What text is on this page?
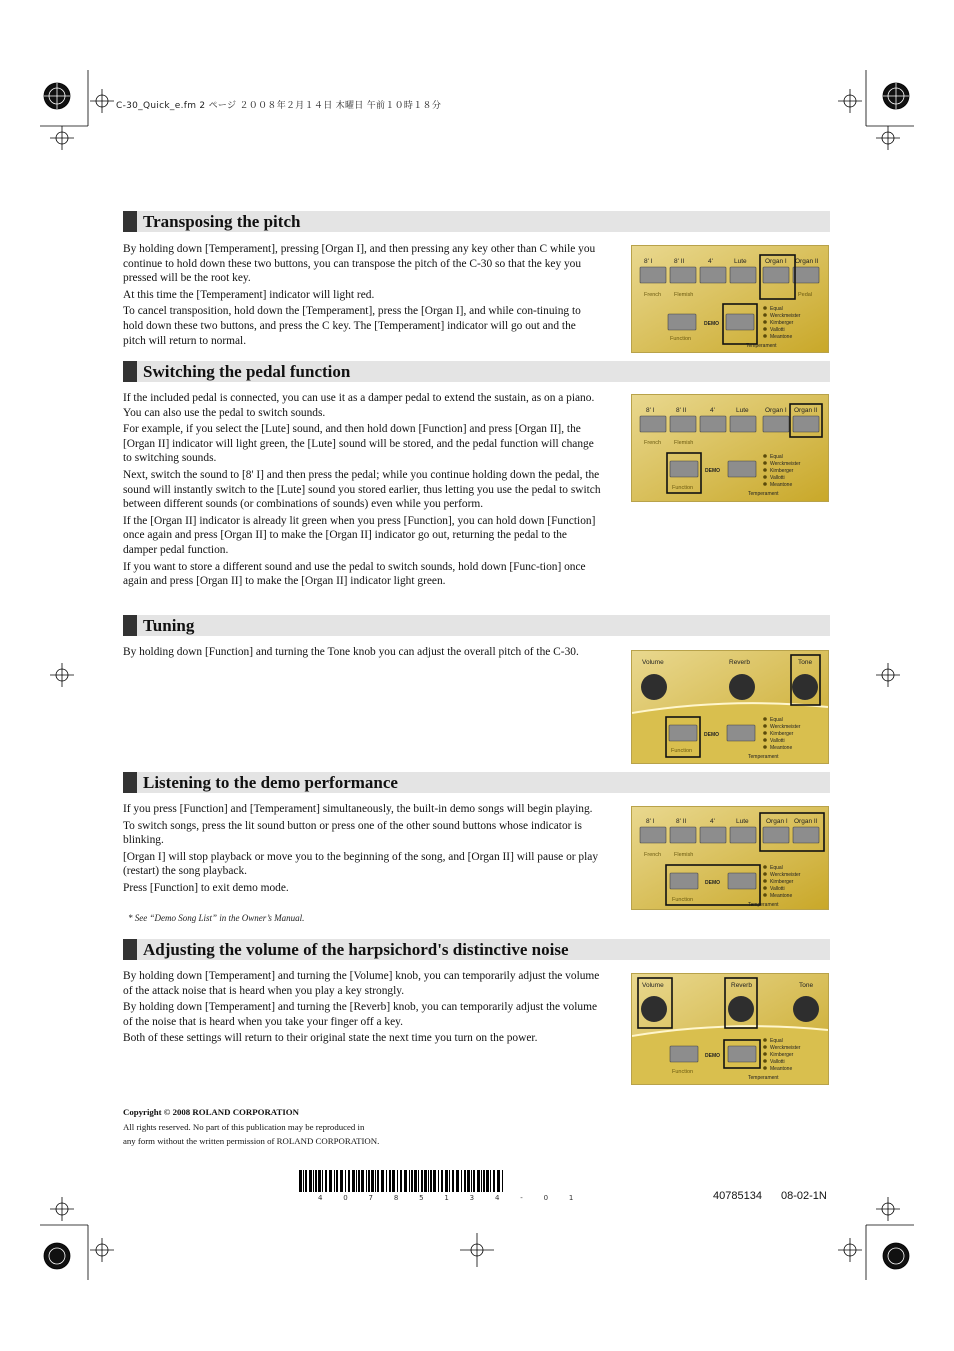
C-30_Quick_e.fm 2 ページ ２００８年２月１４日 木曜日 午前１０時１８分
Transposing the pitch

By holding down [Temperament], pressing [Organ I], and then pressing any key other than C while you continue to hold down these two buttons, you can transpose the pitch of the C-30 so that the key you pressed will be the root key.

At this time the [Temperament] indicator will light red.

To cancel transposition, hold down the [Temperament], press the [Organ I], and while con-tinuing to hold down these two buttons, and press the C key. The [Temperament] indicator will go out and the pitch will return to normal.

8' I	8' II	4'	Lute	Organ I Organ II
French Flemish	Pedal
Function
DEMO
Equal
Werckmeister
Kirnberger
Vallotti
Meantone
Temperament
Switching the pedal function

If the included pedal is connected, you can use it as a damper pedal to extend the sustain, as on a piano. You can also use the pedal to switch sounds.

For example, if you select the [Lute] sound, and then hold down [Function] and press [Organ II], the [Organ II] indicator will light green, the [Lute] sound will be stored, and the pedal function will change to switching sounds.

Next, switch the sound to [8' I] and then press the pedal; while you continue holding down the pedal, the sound will instantly switch to the [Lute] sound you stored earlier, thus letting you use the pedal to switch between different sounds (or combinations of sounds) even while you perform.

If the [Organ II] indicator is already lit green when you press [Function], you can hold down [Function] once again and press [Organ II] to make the [Organ II] indicator go out, returning the pedal to the damper pedal function.

If you want to store a different sound and use the pedal to switch sounds, hold down [Func-tion] once again and press [Organ II] to make the [Organ II] indicator light green.

8' I	8' II	4'	Lute	Organ I Organ II
French Flemish
Function
DEMO
Equal
Werckmeister
Kirnberger
Vallotti
Meantone
Temperament
Tuning

By holding down [Function] and turning the Tone knob you can adjust the overall pitch of the C-30.

Volume	Reverb	Tone
DEMO
Function
Equal
Werckmeister
Kirnberger
Vallotti
Meantone
Temperament
Listening to the demo performance

If you press [Function] and [Temperament] simultaneously, the built-in demo songs will begin playing.

To switch songs, press the lit sound button or press one of the other sound buttons whose indicator is blinking.

[Organ I] will stop playback or move you to the beginning of the song, and [Organ II] will pause or play (restart) the song playback.

Press [Function] to exit demo mode.

* See “Demo Song List” in the Owner’s Manual.
8' I	8' II	4'	Lute	Organ I Organ II
French Flemish
Function
DEMO
Equal
Werckmeister
Kirnberger
Vallotti
Meantone
Temperament
Adjusting the volume of the harpsichord's distinctive noise

By holding down [Temperament] and turning the [Volume] knob, you can temporarily adjust the volume of the attack noise that is heard when you play a key strongly.

By holding down [Temperament] and turning the [Reverb] knob, you can temporarily adjust the volume of the noise that is heard when you take your finger off a key.

Both of these settings will return to their original state the next time you turn on the power.

Volume	Reverb	Tone
DEMO
Function
Equal
Werckmeister
Kirnberger
Vallotti
Meantone
Temperament
Copyright © 2008 ROLAND CORPORATION
All rights reserved. No part of this publication may be reproduced in
any form without the written permission of ROLAND CORPORATION.
4 0 7 8 5 1 3 4 - 0 1	40785134 08-02-1N
